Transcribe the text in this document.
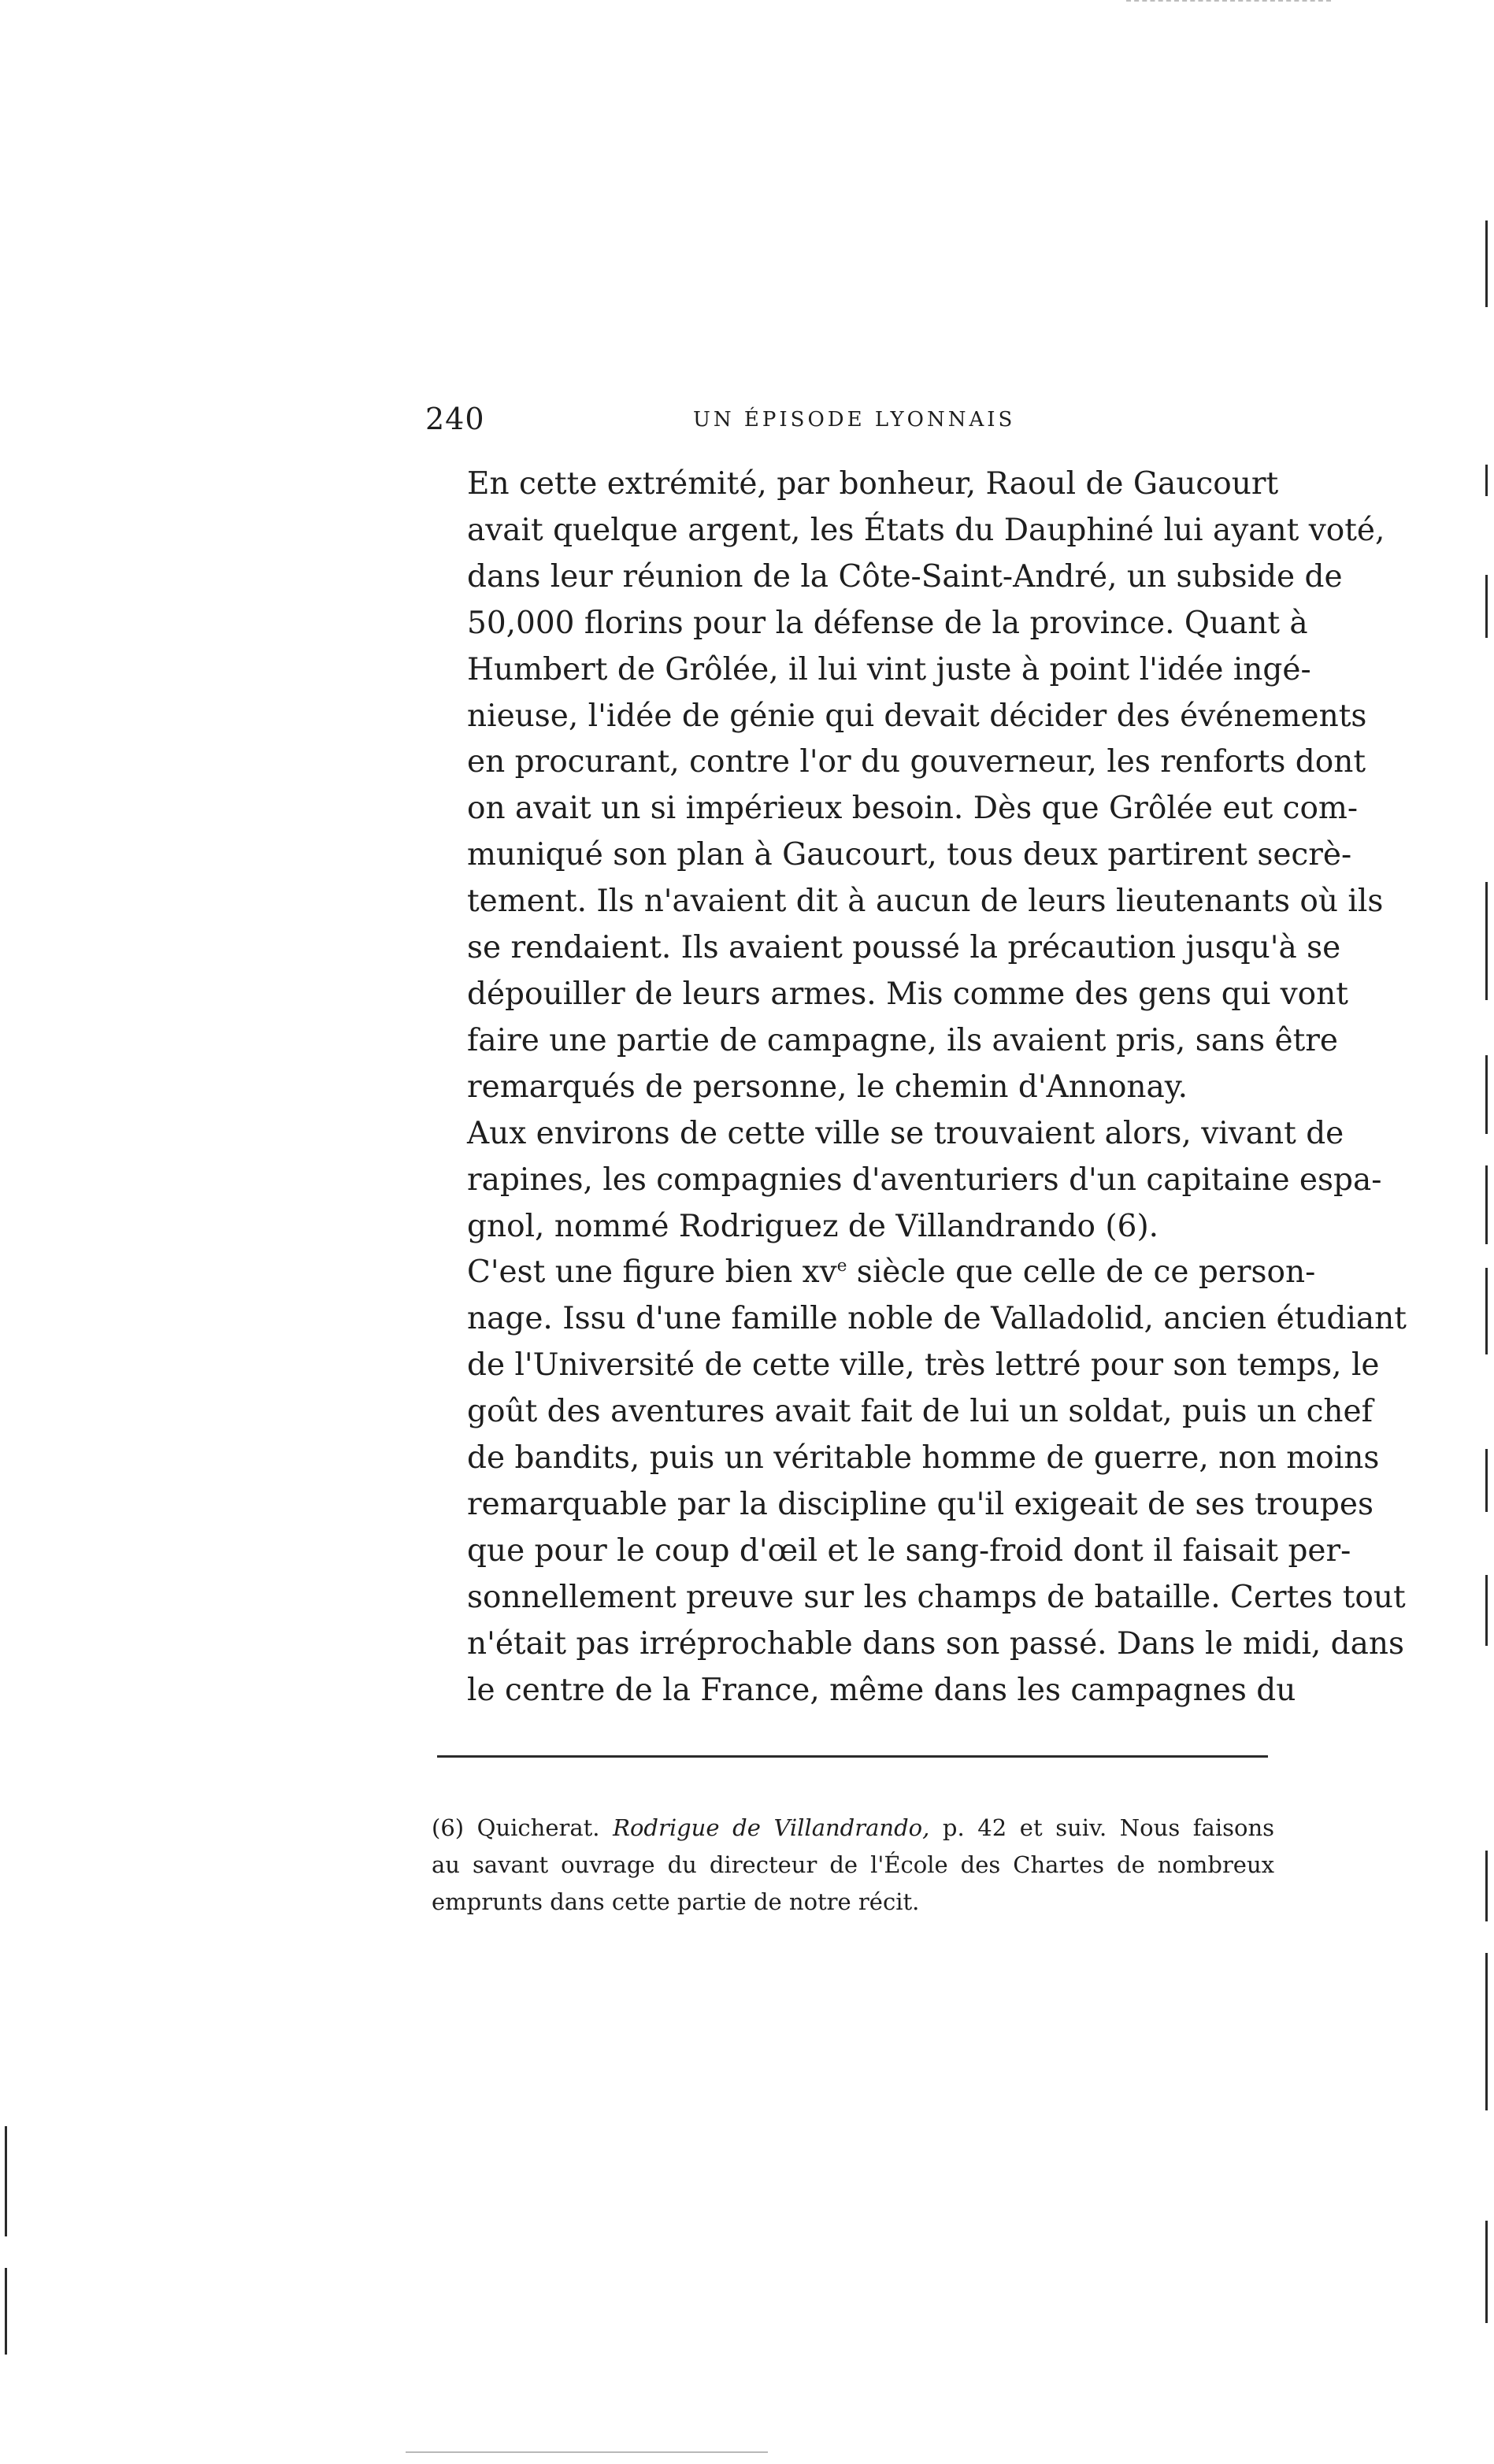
240	UN ÉPISODE LYONNAIS

En cette extrémité, par bonheur, Raoul de Gaucourt
avait quelque argent, les États du Dauphiné lui ayant voté,
dans leur réunion de la Côte-Saint-André, un subside de
50,000 florins pour la défense de la province. Quant à
Humbert de Grôlée, il lui vint juste à point l'idée ingé-
nieuse, l'idée de génie qui devait décider des événements
en procurant, contre l'or du gouverneur, les renforts dont
on avait un si impérieux besoin. Dès que Grôlée eut com-
muniqué son plan à Gaucourt, tous deux partirent secrè-
tement. Ils n'avaient dit à aucun de leurs lieutenants où ils
se rendaient. Ils avaient poussé la précaution jusqu'à se
dépouiller de leurs armes. Mis comme des gens qui vont
faire une partie de campagne, ils avaient pris, sans être
remarqués de personne, le chemin d'Annonay.

Aux environs de cette ville se trouvaient alors, vivant de
rapines, les compagnies d'aventuriers d'un capitaine espa-
gnol, nommé Rodriguez de Villandrando (6).

C'est une figure bien $xv^e$ siècle que celle de ce person-
nage. Issu d'une famille noble de Valladolid, ancien étudiant
de l'Université de cette ville, très lettré pour son temps, le
goût des aventures avait fait de lui un soldat, puis un chef
de bandits, puis un véritable homme de guerre, non moins
remarquable par la discipline qu'il exigeait de ses troupes
que pour le coup d'œil et le sang-froid dont il faisait per-
sonnellement preuve sur les champs de bataille. Certes tout
n'était pas irréprochable dans son passé. Dans le midi, dans
le centre de la France, même dans les campagnes du

(6) Quicherat. Rodrigue de Villandrando, p. 42 et suiv. Nous faisons
au savant ouvrage du directeur de l'École des Chartes de nombreux
emprunts dans cette partie de notre récit.
